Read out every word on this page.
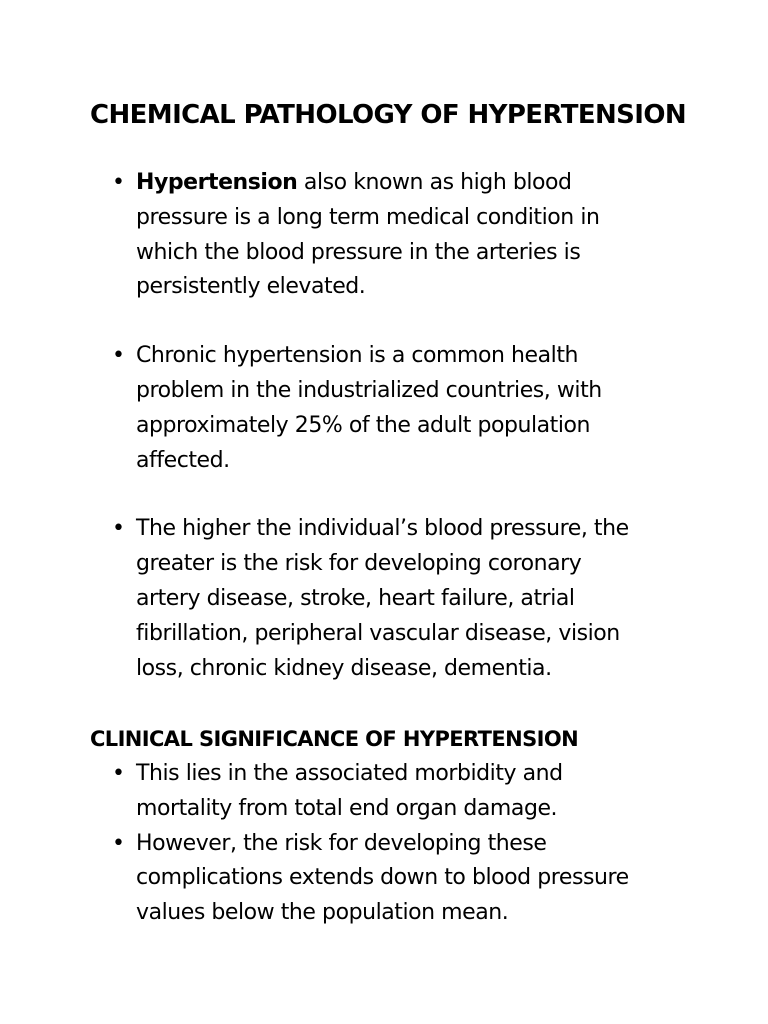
CHEMICAL PATHOLOGY OF HYPERTENSION
• Hypertension also known as high blood
pressure is a long term medical condition in
which the blood pressure in the arteries is
persistently elevated.
• Chronic hypertension is a common health
problem in the industrialized countries, with
approximately 25% of the adult population
affected.
• The higher the individual’s blood pressure, the
greater is the risk for developing coronary
artery disease, stroke, heart failure, atrial
fibrillation, peripheral vascular disease, vision
loss, chronic kidney disease, dementia.
CLINICAL SIGNIFICANCE OF HYPERTENSION
• This lies in the associated morbidity and
mortality from total end organ damage.
• However, the risk for developing these
complications extends down to blood pressure
values below the population mean.
